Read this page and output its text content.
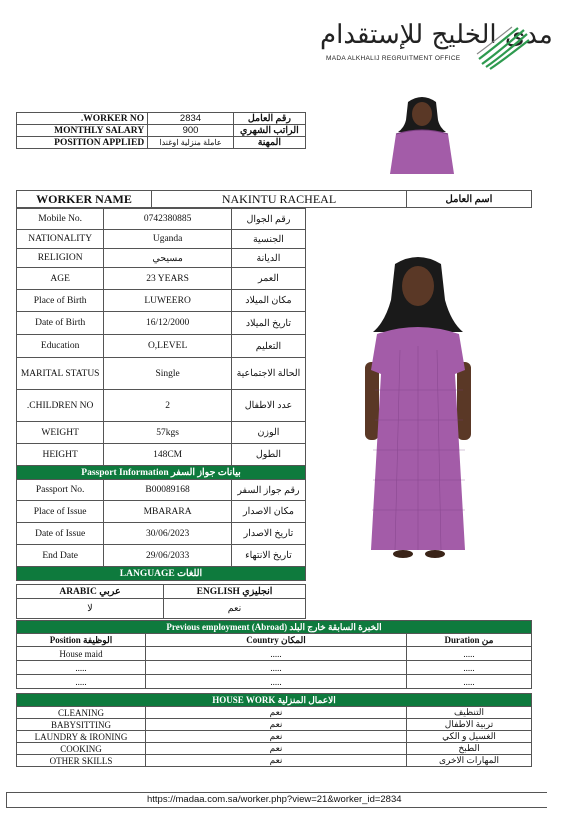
مدى الخليج للإستقدام
MADA ALKHALIJ REGRUITMENT OFFICE
.WORKER NO	2834	رقم العامل
MONTHLY SALARY	900	الراتب الشهري
POSITION APPLIED	عاملة منزلية اوغندا	المهنة
WORKER NAME	NAKINTU RACHEAL	اسم العامل
Mobile No.	0742380885	رقم الجوال
NATIONALITY	Uganda	الجنسية
RELIGION	مسيحي	الديانة
AGE	23 YEARS	العمر
Place of Birth	LUWEERO	مكان الميلاد
Date of Birth	16/12/2000	تاريخ الميلاد
Education	O,LEVEL	التعليم
MARITAL STATUS	Single	الحالة الاجتماعية
.CHILDREN NO	2	عدد الاطفال
WEIGHT	57kgs	الوزن
HEIGHT	148CM	الطول
Passport Information بيانات جواز السفر		
Passport No.	B00089168	رقم جواز السفر
Place of Issue	MBARARA	مكان الاصدار
Date of Issue	30/06/2023	تاريخ الاصدار
End Date	29/06/2033	تاريخ الانتهاء
LANGUAGE اللغات		
ARABIC عربي	ENGLISH انجليزي
لا	نعم
Previous employment (Abroad) الخبرة السابقة خارج البلد		
Position الوظيفة	Country المكان	Duration من
House maid	.....	.....
.....	.....	.....
.....	.....	.....
HOUSE WORK الاعمال المنزلية		
CLEANING	نعم	التنظيف
BABYSITTING	نعم	تربية الاطفال
LAUNDRY & IRONING	نعم	الغسيل و الكي
COOKING	نعم	الطبخ
OTHER SKILLS	نعم	المهارات الاخرى
https://madaa.com.sa/worker.php?view=21&worker_id=2834
